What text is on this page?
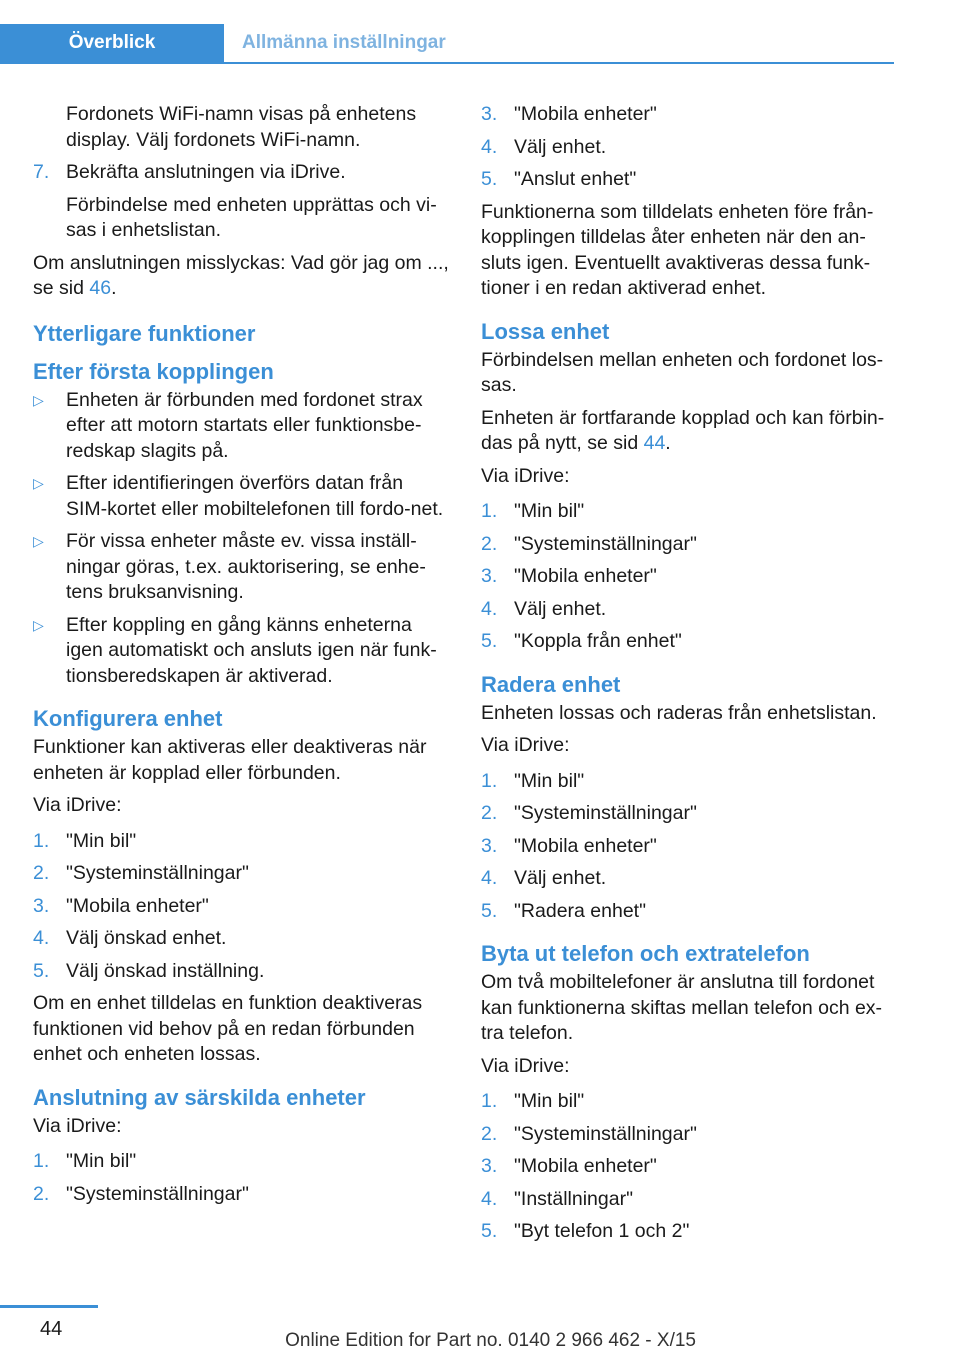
Överblick	Allmänna inställningar
Fordonets WiFi-namn visas på enhetens display. Välj fordonets WiFi-namn.
7. Bekräfta anslutningen via iDrive.
Förbindelse med enheten upprättas och vi-sas i enhetslistan.
Om anslutningen misslyckas: Vad gör jag om ..., se sid 46.
Ytterligare funktioner
Efter första kopplingen
▷	Enheten är förbunden med fordonet strax efter att motorn startats eller funktionsbe-redskap slagits på.
▷	Efter identifieringen överförs datan från SIM-kortet eller mobiltelefonen till fordo-net.
▷	För vissa enheter måste ev. vissa inställ-ningar göras, t.ex. auktorisering, se enhe-tens bruksanvisning.
▷	Efter koppling en gång känns enheterna igen automatiskt och ansluts igen när funk-tionsberedskapen är aktiverad.
Konfigurera enhet
Funktioner kan aktiveras eller deaktiveras när enheten är kopplad eller förbunden.
Via iDrive:
1. "Min bil"
2. "Systeminställningar"
3. "Mobila enheter"
4. Välj önskad enhet.
5. Välj önskad inställning.
Om en enhet tilldelas en funktion deaktiveras funktionen vid behov på en redan förbunden enhet och enheten lossas.
Anslutning av särskilda enheter
Via iDrive:
1. "Min bil"
2. "Systeminställningar"
3. "Mobila enheter"
4. Välj enhet.
5. "Anslut enhet"
Funktionerna som tilldelats enheten före från-kopplingen tilldelas åter enheten när den an-sluts igen. Eventuellt avaktiveras dessa funk-tioner i en redan aktiverad enhet.
Lossa enhet
Förbindelsen mellan enheten och fordonet los-sas.
Enheten är fortfarande kopplad och kan förbin-das på nytt, se sid 44.
Via iDrive:
1. "Min bil"
2. "Systeminställningar"
3. "Mobila enheter"
4. Välj enhet.
5. "Koppla från enhet"
Radera enhet
Enheten lossas och raderas från enhetslistan.
Via iDrive:
1. "Min bil"
2. "Systeminställningar"
3. "Mobila enheter"
4. Välj enhet.
5. "Radera enhet"
Byta ut telefon och extratelefon
Om två mobiltelefoner är anslutna till fordonet kan funktionerna skiftas mellan telefon och ex-tra telefon.
Via iDrive:
1. "Min bil"
2. "Systeminställningar"
3. "Mobila enheter"
4. "Inställningar"
5. "Byt telefon 1 och 2"
44
Online Edition for Part no. 0140 2 966 462 - X/15
